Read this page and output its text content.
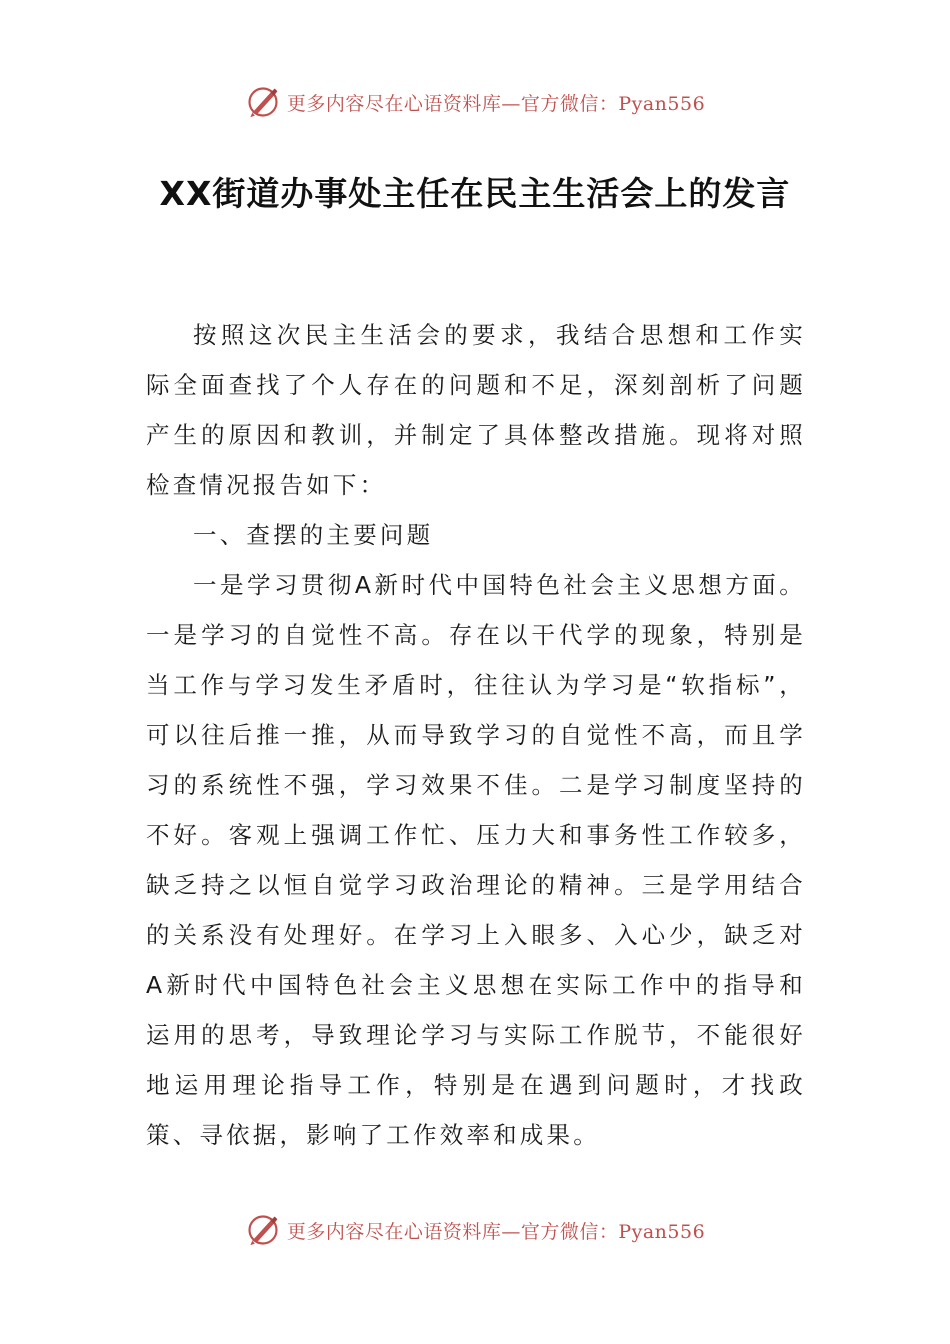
更多内容尽在心语资料库—官方微信：Pyan556
XX街道办事处主任在民主生活会上的发言

按照这次民主生活会的要求，我结合思想和工作实际全面查找了个人存在的问题和不足，深刻剖析了问题产生的原因和教训，并制定了具体整改措施。现将对照检查情况报告如下：

一、查摆的主要问题

一是学习贯彻A新时代中国特色社会主义思想方面。一是学习的自觉性不高。存在以干代学的现象，特别是当工作与学习发生矛盾时，往往认为学习是“软指标”，可以往后推一推，从而导致学习的自觉性不高，而且学习的系统性不强，学习效果不佳。二是学习制度坚持的不好。客观上强调工作忙、压力大和事务性工作较多，缺乏持之以恒自觉学习政治理论的精神。三是学用结合的关系没有处理好。在学习上入眼多、入心少，缺乏对A新时代中国特色社会主义思想在实际工作中的指导和运用的思考，导致理论学习与实际工作脱节，不能很好地运用理论指导工作，特别是在遇到问题时，才找政策、寻依据，影响了工作效率和成果。

更多内容尽在心语资料库—官方微信：Pyan556
